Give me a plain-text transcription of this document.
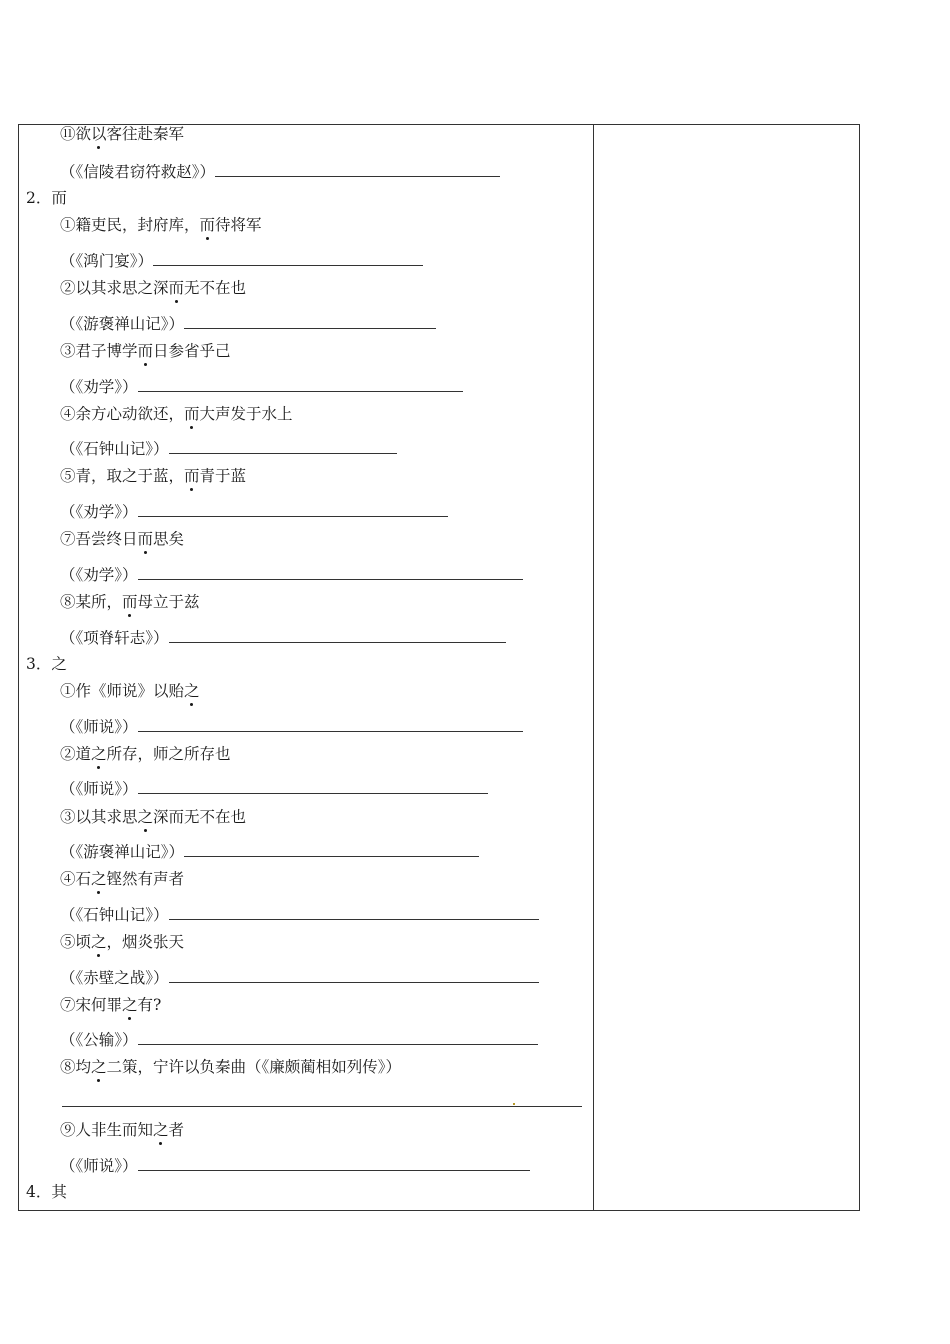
⑪欲以客往赴秦军
（《信陵君窃符救赵》）
2．而
①籍吏民，封府库，而待将军
（《鸿门宴》）
②以其求思之深而无不在也
（《游褒禅山记》）
③君子博学而日参省乎己
（《劝学》）
④余方心动欲还，而大声发于水上
（《石钟山记》）
⑤青，取之于蓝，而青于蓝
（《劝学》）
⑦吾尝终日而思矣
（《劝学》）
⑧某所，而母立于兹
（《项脊轩志》）
3．之
①作《师说》以贻之
（《师说》）
②道之所存，师之所存也
（《师说》）
③以其求思之深而无不在也
（《游褒禅山记》）
④石之铿然有声者
（《石钟山记》）
⑤顷之，烟炎张天
（《赤壁之战》）
⑦宋何罪之有?
（《公输》）
⑧均之二策，宁许以负秦曲（《廉颇蔺相如列传》）
⑨人非生而知之者
（《师说》）
4．其
